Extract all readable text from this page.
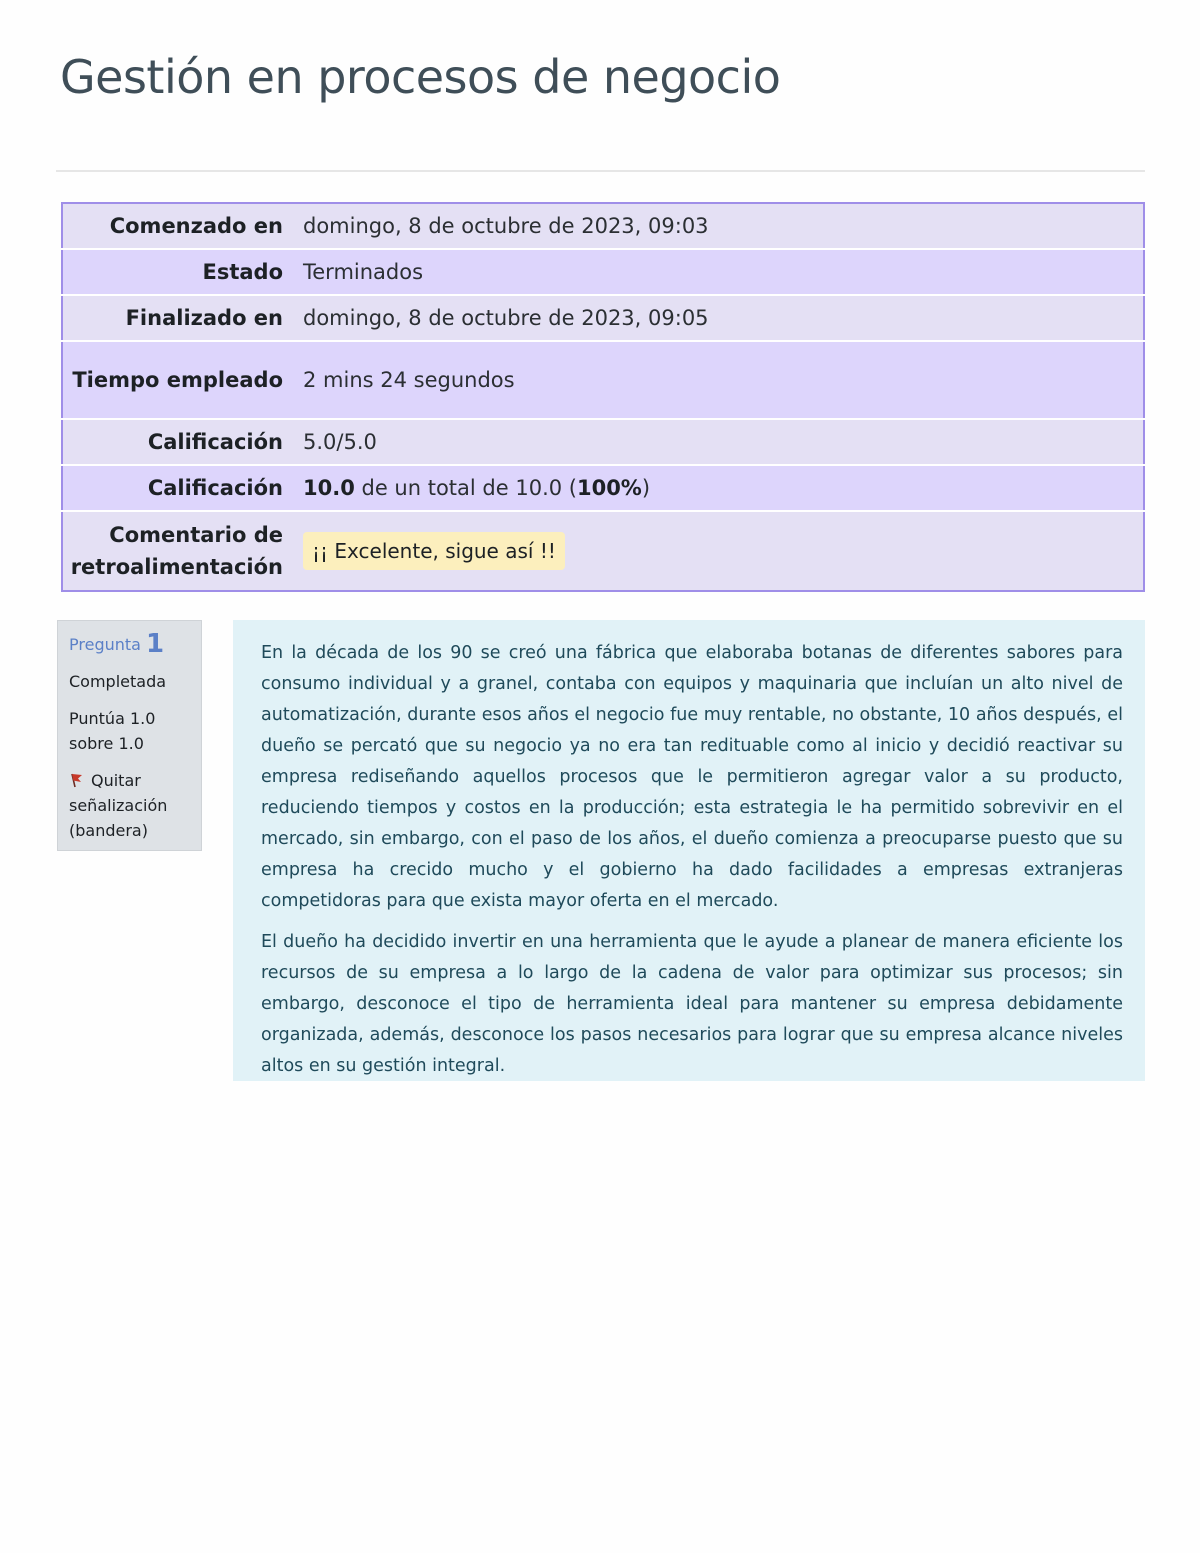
Gestión en procesos de negocio
Comenzado en	domingo, 8 de octubre de 2023, 09:03
Estado	Terminados
Finalizado en	domingo, 8 de octubre de 2023, 09:05
Tiempo empleado	2 mins 24 segundos
Calificación	5.0/5.0
Calificación	10.0 de un total de 10.0 (100%)
Comentario de retroalimentación	¡¡ Excelente, sigue así !!
Pregunta 1
Completada
Puntúa 1.0 sobre 1.0
Quitar señalización (bandera)

En la década de los 90 se creó una fábrica que elaboraba botanas de diferentes sabores para consumo individual y a granel, contaba con equipos y maquinaria que incluían un alto nivel de automatización, durante esos años el negocio fue muy rentable, no obstante, 10 años después, el dueño se percató que su negocio ya no era tan redituable como al inicio y decidió reactivar su empresa rediseñando aquellos procesos que le permitieron agregar valor a su producto, reduciendo tiempos y costos en la producción; esta estrategia le ha permitido sobrevivir en el mercado, sin embargo, con el paso de los años, el dueño comienza a preocuparse puesto que su empresa ha crecido mucho y el gobierno ha dado facilidades a empresas extranjeras competidoras para que exista mayor oferta en el mercado.

El dueño ha decidido invertir en una herramienta que le ayude a planear de manera eficiente los recursos de su empresa a lo largo de la cadena de valor para optimizar sus procesos; sin embargo, desconoce el tipo de herramienta ideal para mantener su empresa debidamente organizada, además, desconoce los pasos necesarios para lograr que su empresa alcance niveles altos en su gestión integral.
